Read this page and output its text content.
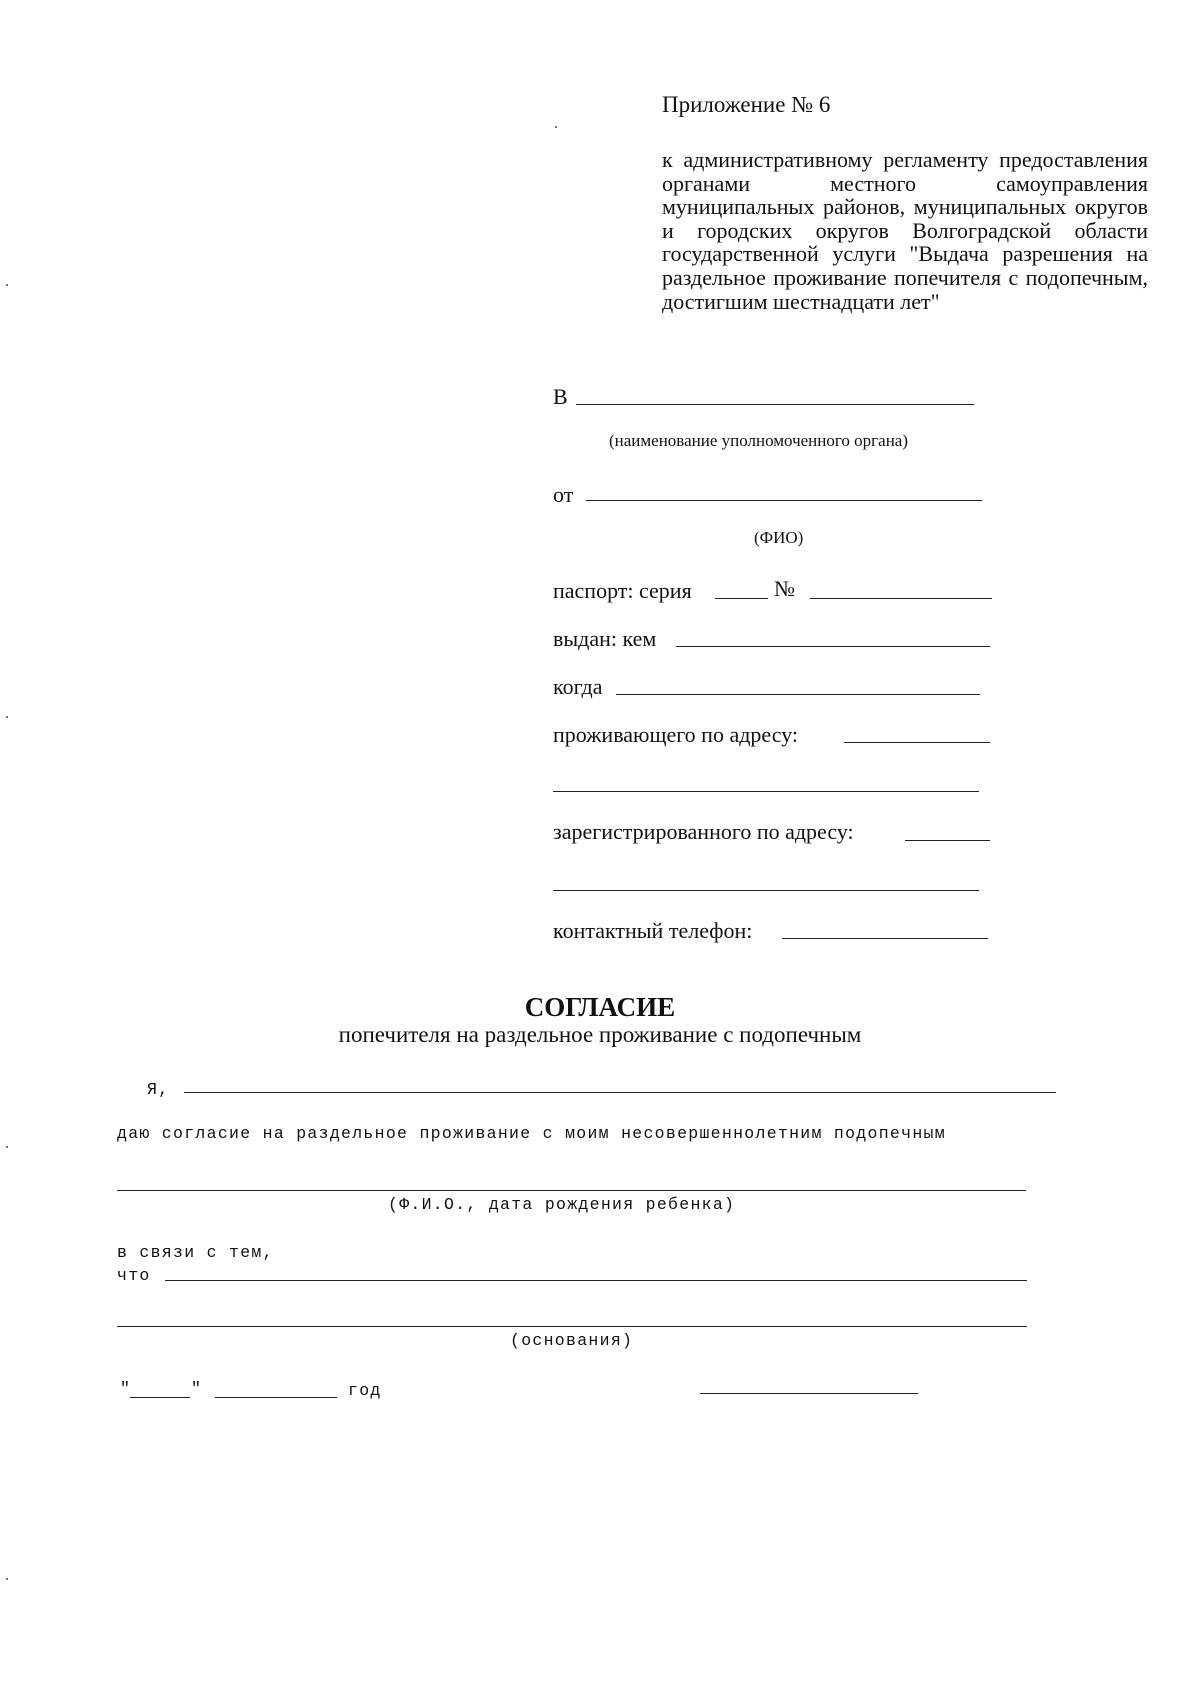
Приложение № 6
к административному регламенту предоставления органами местного самоуправления муниципальных районов, муниципальных округов и городских округов Волгоградской области государственной услуги "Выдача разрешения на раздельное проживание попечителя с подопечным, достигшим шестнадцати лет"
В
(наименование уполномоченного органа)
от
(ФИО)
паспорт: серия	№
выдан: кем
когда
проживающего по адресу:
зарегистрированного по адресу:
контактный телефон:
СОГЛАСИЕ
попечителя на раздельное проживание с подопечным
Я,
даю согласие на раздельное проживание с моим несовершеннолетним подопечным
(Ф.И.О., дата рождения ребенка)
в связи с тем,
что
(основания)
"	"	год
